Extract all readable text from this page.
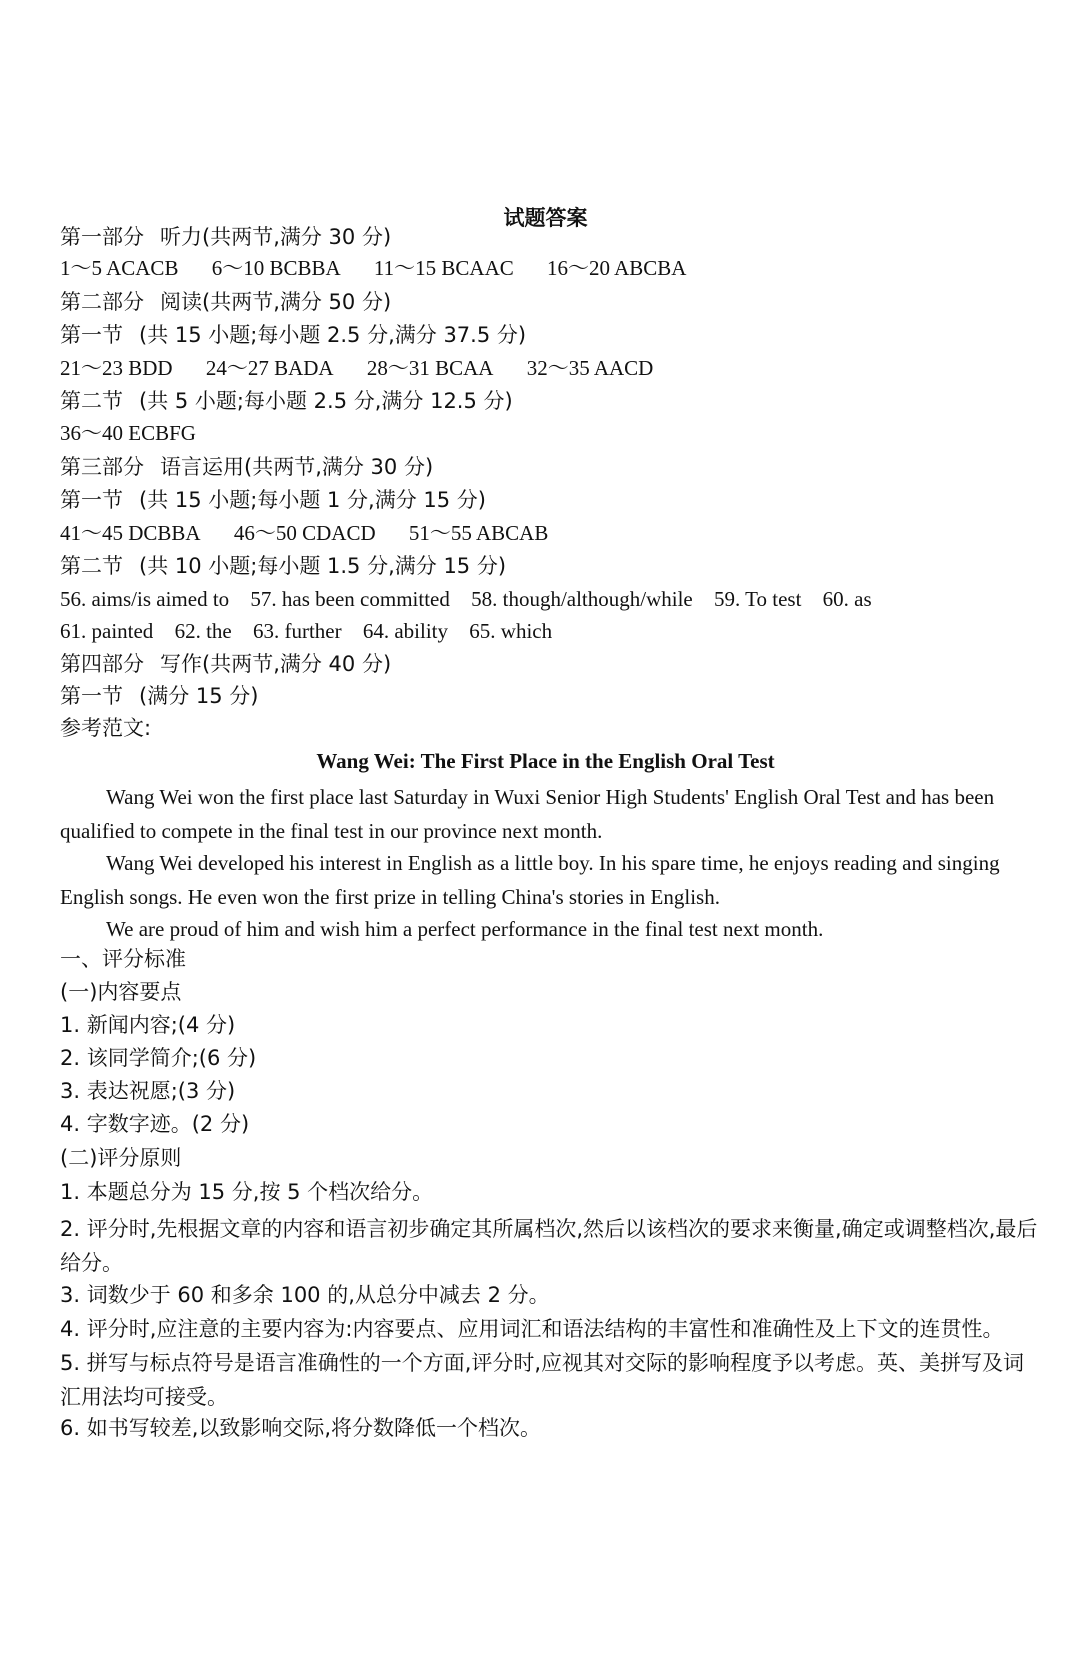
试题答案
第一部分 听力(共两节,满分 30 分)
1～5 ACACB 6～10 BCBBA 11～15 BCAAC 16～20 ABCBA
第二部分 阅读(共两节,满分 50 分)
第一节 (共 15 小题;每小题 2.5 分,满分 37.5 分)
21～23 BDD 24～27 BADA 28～31 BCAA 32～35 AACD
第二节 (共 5 小题;每小题 2.5 分,满分 12.5 分)
36～40 ECBFG
第三部分 语言运用(共两节,满分 30 分)
第一节 (共 15 小题;每小题 1 分,满分 15 分)
41～45 DCBBA 46～50 CDACD 51～55 ABCAB
第二节 (共 10 小题;每小题 1.5 分,满分 15 分)
56. aims/is aimed to 57. has been committed 58. though/although/while 59. To test 60. as
61. painted 62. the 63. further 64. ability 65. which
第四部分 写作(共两节,满分 40 分)
第一节 (满分 15 分)
参考范文:
Wang Wei: The First Place in the English Oral Test
Wang Wei won the first place last Saturday in Wuxi Senior High Students' English Oral Test and has been qualified to compete in the final test in our province next month.
Wang Wei developed his interest in English as a little boy. In his spare time, he enjoys reading and singing English songs. He even won the first prize in telling China's stories in English.
We are proud of him and wish him a perfect performance in the final test next month.
一、评分标准
(一)内容要点
1. 新闻内容;(4 分)
2. 该同学简介;(6 分)
3. 表达祝愿;(3 分)
4. 字数字迹。(2 分)
(二)评分原则
1. 本题总分为 15 分,按 5 个档次给分。
2. 评分时,先根据文章的内容和语言初步确定其所属档次,然后以该档次的要求来衡量,确定或调整档次,最后给分。
3. 词数少于 60 和多余 100 的,从总分中减去 2 分。
4. 评分时,应注意的主要内容为:内容要点、应用词汇和语法结构的丰富性和准确性及上下文的连贯性。
5. 拼写与标点符号是语言准确性的一个方面,评分时,应视其对交际的影响程度予以考虑。英、美拼写及词汇用法均可接受。
6. 如书写较差,以致影响交际,将分数降低一个档次。
